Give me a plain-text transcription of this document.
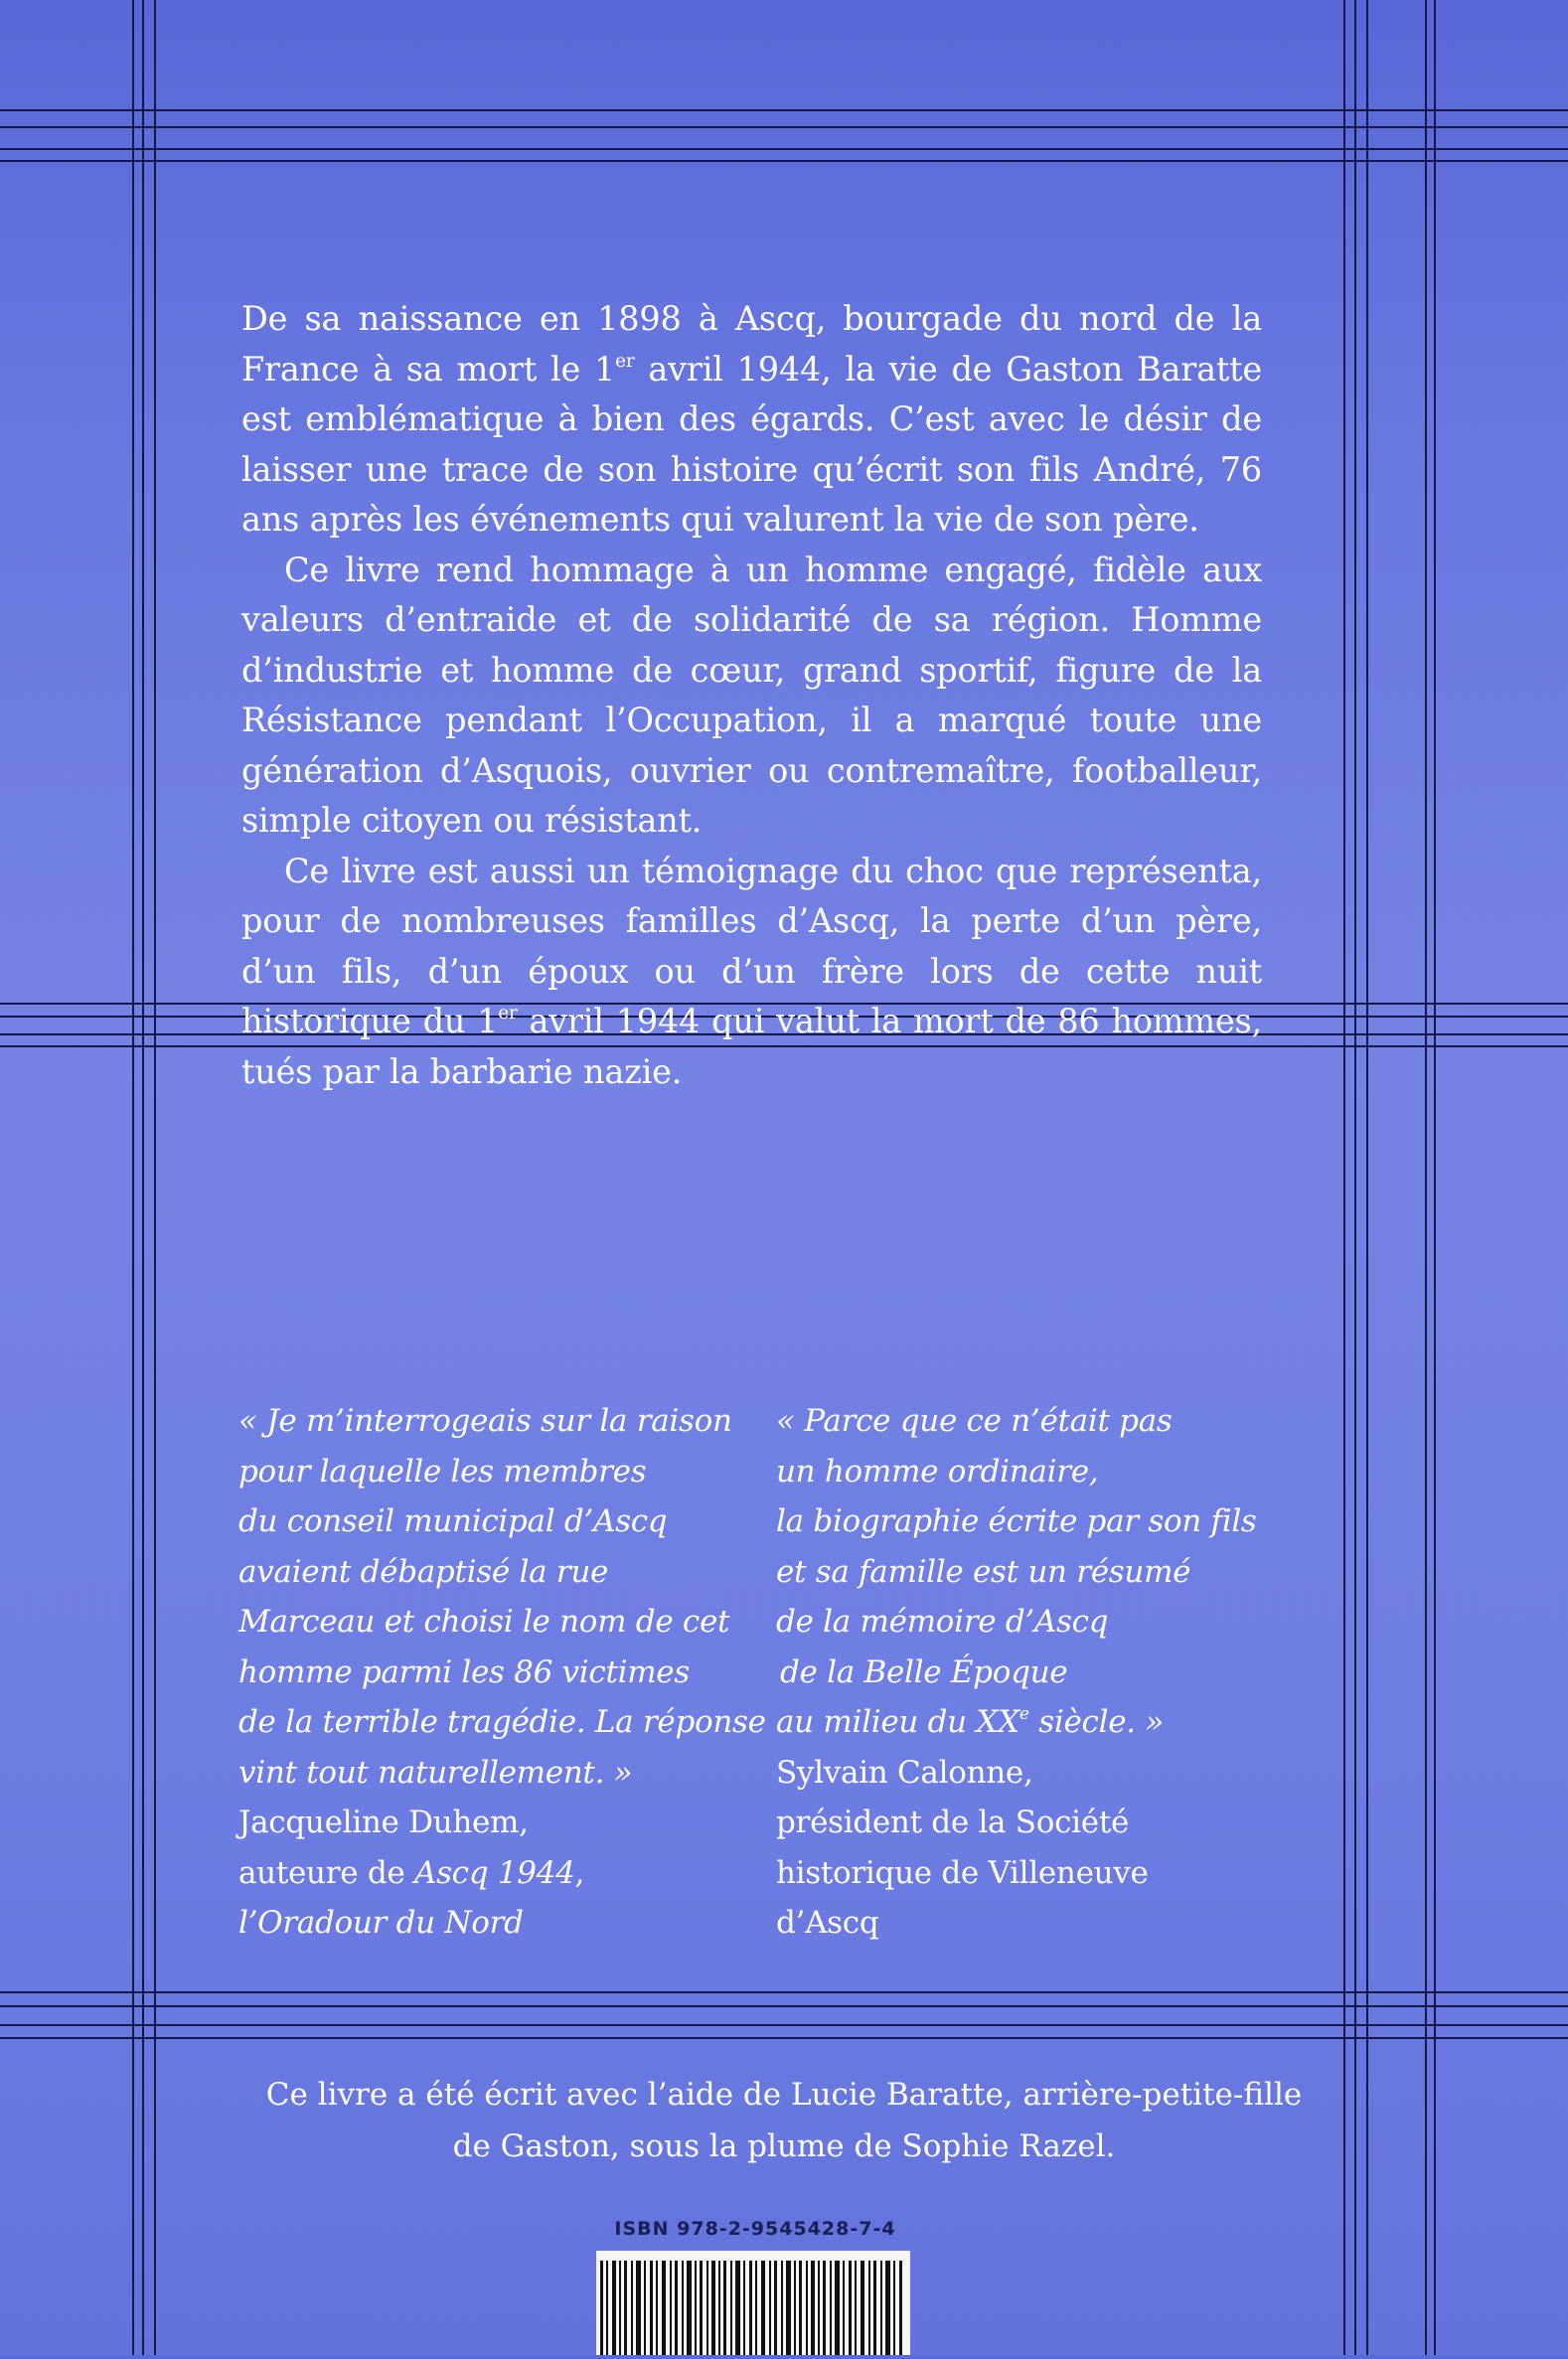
De sa naissance en 1898 à Ascq, bourgade du nord de la France à sa mort le 1er avril 1944, la vie de Gaston Baratte est emblématique à bien des égards. C’est avec le désir de laisser une trace de son histoire qu’écrit son fils André, 76 ans après les événements qui valurent la vie de son père.

Ce livre rend hommage à un homme engagé, fidèle aux valeurs d’entraide et de solidarité de sa région. Homme d’industrie et homme de cœur, grand sportif, figure de la Résistance pendant l’Occupation, il a marqué toute une génération d’Asquois, ouvrier ou contremaître, footballeur, simple citoyen ou résistant.

Ce livre est aussi un témoignage du choc que représenta, pour de nombreuses familles d’Ascq, la perte d’un père, d’un fils, d’un époux ou d’un frère lors de cette nuit historique du 1er avril 1944 qui valut la mort de 86 hommes, tués par la barbarie nazie.

« Je m’interrogeais sur la raison
pour laquelle les membres
du conseil municipal d’Ascq
avaient débaptisé la rue
Marceau et choisi le nom de cet
homme parmi les 86 victimes
de la terrible tragédie. La réponse
vint tout naturellement. »
Jacqueline Duhem,
auteure de Ascq 1944,
l’Oradour du Nord
« Parce que ce n’était pas
un homme ordinaire,
la biographie écrite par son fils
et sa famille est un résumé
de la mémoire d’Ascq
de la Belle Époque
au milieu du XXe siècle. »
Sylvain Calonne,
président de la Société
historique de Villeneuve
d’Ascq
Ce livre a été écrit avec l’aide de Lucie Baratte, arrière-petite-fille
de Gaston, sous la plume de Sophie Razel.
ISBN 978-2-9545428-7-4
